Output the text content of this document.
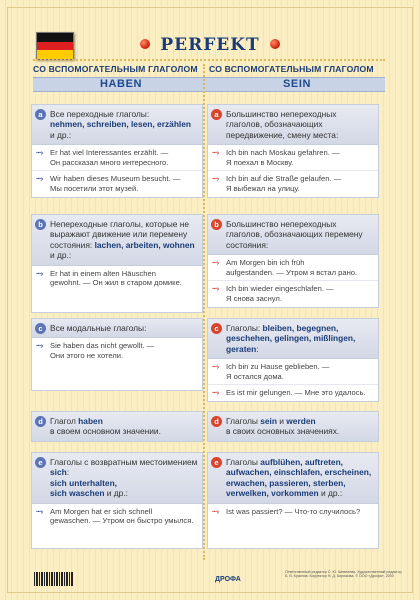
PERFEKT
СО ВСПОМОГАТЕЛЬНЫМ ГЛАГОЛОМ
HABEN
СО ВСПОМОГАТЕЛЬНЫМ ГЛАГОЛОМ
SEIN
a Все переходные глаголы:
nehmen, schreiben, lesen, erzählen и др.:
···› Er hat viel Interessantes erzählt. —
Он рассказал много интересного.
···› Wir haben dieses Museum besucht. —
Мы посетили этот музей.
b Непереходные глаголы, которые не выражают движение или перемену состояния: lachen, arbeiten, wohnen и др.:
···› Er hat in einem alten Häuschen
gewohnt. — Он жил в старом домике.
c Все модальные глаголы:
···› Sie haben das nicht gewollt. —
Они этого не хотели.
d Глагол haben
в своем основном значении.
e Глаголы с возвратным местоимением sich:
sich unterhalten,
sich waschen и др.:
···› Am Morgen hat er sich schnell
gewaschen. — Утром он быстро умылся.
a Большинство непереходных глаголов, обозначающих передвижение, смену места:
···› Ich bin nach Moskau gefahren. —
Я поехал в Москву.
···› Ich bin auf die Straße gelaufen. —
Я выбежал на улицу.
b Большинство непереходных глаголов, обозначающих перемену состояния:
···› Am Morgen bin ich früh
aufgestanden. — Утром я встал рано.
···› Ich bin wieder eingeschlafen. —
Я снова заснул.
c Глаголы: bleiben, begegnen, geschehen, gelingen, mißlingen, geraten:
···› Ich bin zu Hause geblieben. —
Я остался дома.
···› Es ist mir gelungen. — Мне это удалось.
d Глаголы sein и werden
в своих основных значениях.
e Глаголы aufblühen, auftreten, aufwachen, einschlafen, erscheinen, erwachen, passieren, sterben, verwelken, vorkommen и др.:
···› Ist was passiert? — Что-то случилось?
ДРОФА
Ответственный редактор С. Ю. Шевелева. Художественный редактор Б. В. Краснов. Корректор Н. Д. Бирюкова. © ООО «Дрофа», 2000
